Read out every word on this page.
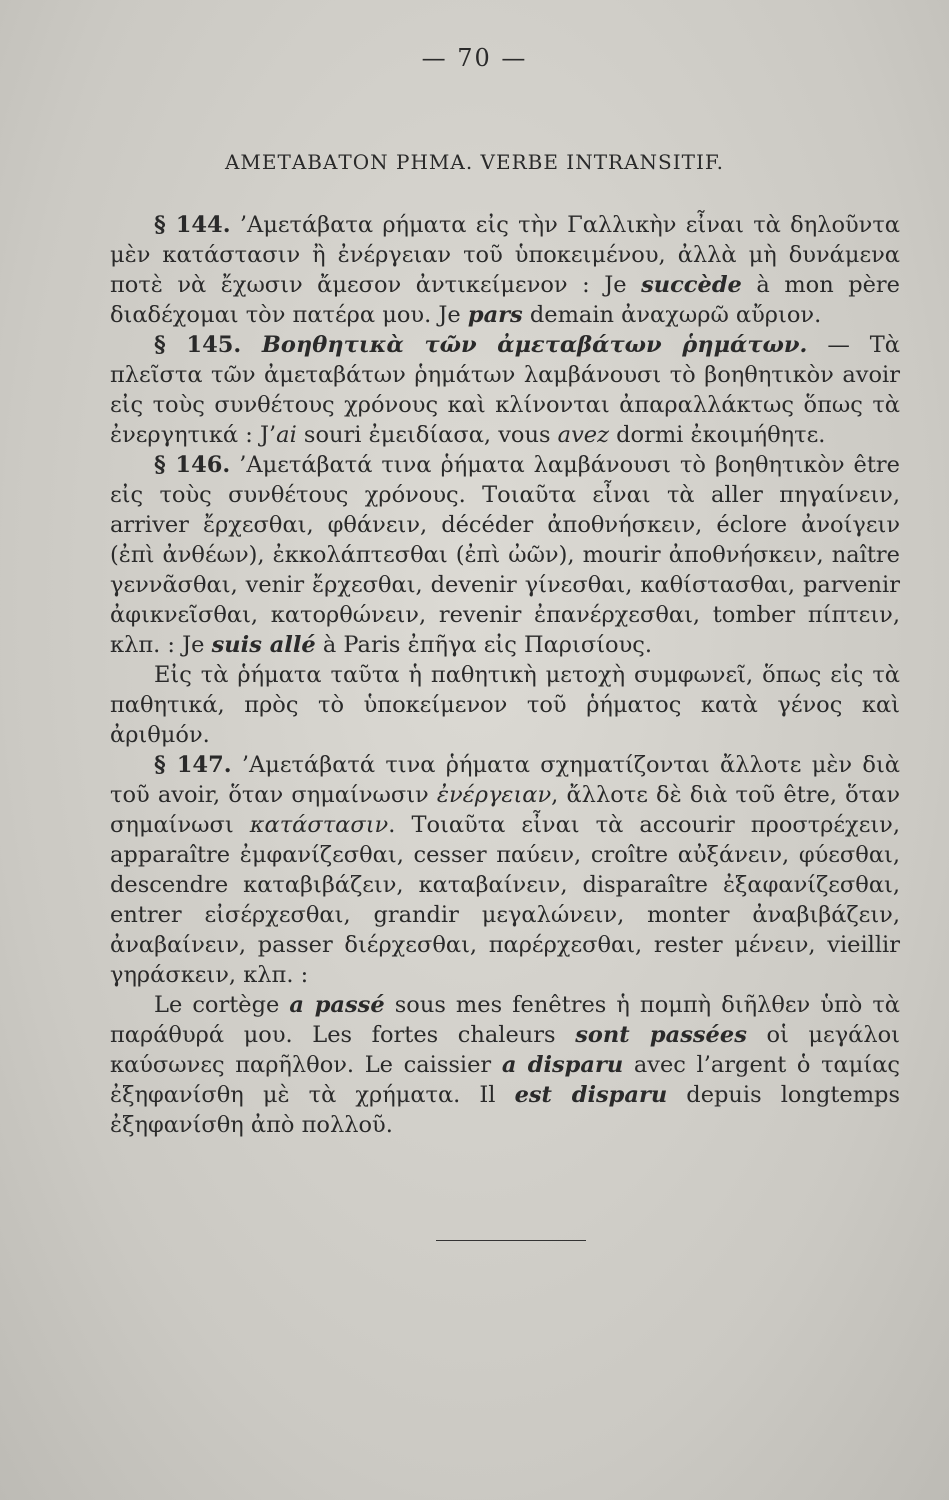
— 70 —
ΑΜΕΤΑΒΑΤΟΝ ΡΗΜΑ. VERBE INTRANSITIF.

§ 144. ’Αμετάβατα ρήματα εἰς τὴν Γαλλικὴν εἶναι τὰ δηλοῦντα μὲν κατάστασιν ἢ ἐνέργειαν τοῦ ὑποκειμένου, ἀλλὰ μὴ δυνάμενα ποτὲ νὰ ἔχωσιν ἄμεσον ἀντικείμενον : Je succède à mon père διαδέχομαι τὸν πατέρα μου. Je pars demain ἀναχωρῶ αὔριον.

§ 145. Βοηθητικὰ τῶν ἀμεταβάτων ῥημάτων. — Τὰ πλεῖστα τῶν ἀμεταβάτων ῥημάτων λαμβάνουσι τὸ βοηθητικὸν avoir εἰς τοὺς συνθέτους χρόνους καὶ κλίνονται ἀπαραλλάκτως ὅπως τὰ ἐνεργητικά : J’ai souri ἐμειδίασα, vous avez dormi ἐκοιμήθητε.

§ 146. ’Αμετάβατά τινα ῥήματα λαμβάνουσι τὸ βοηθητικὸν être εἰς τοὺς συνθέτους χρόνους. Τοιαῦτα εἶναι τὰ aller πηγαίνειν, arriver ἔρχεσθαι, φθάνειν, décéder ἀποθνήσκειν, éclore ἀνοίγειν (ἐπὶ ἀνθέων), ἐκκολάπτεσθαι (ἐπὶ ὠῶν), mourir ἀποθνήσκειν, naître γεννᾶσθαι, venir ἔρχεσθαι, devenir γίνεσθαι, καθίστασθαι, parvenir ἀφικνεῖσθαι, κατορθώνειν, revenir ἐπανέρχεσθαι, tomber πίπτειν, κλπ. : Je suis allé à Paris ἐπῆγα εἰς Παρισίους.

Εἰς τὰ ῥήματα ταῦτα ἡ παθητικὴ μετοχὴ συμφωνεῖ, ὅπως εἰς τὰ παθητικά, πρὸς τὸ ὑποκείμενον τοῦ ῥήματος κατὰ γένος καὶ ἀριθμόν.

§ 147. ’Αμετάβατά τινα ῥήματα σχηματίζονται ἄλλοτε μὲν διὰ τοῦ avoir, ὅταν σημαίνωσιν ἐνέργειαν, ἄλλοτε δὲ διὰ τοῦ être, ὅταν σημαίνωσι κατάστασιν. Τοιαῦτα εἶναι τὰ accourir προστρέχειν, apparaître ἐμφανίζεσθαι, cesser παύειν, croître αὐξάνειν, φύεσθαι, descendre καταβιβάζειν, καταβαίνειν, disparaître ἐξαφανίζεσθαι, entrer εἰσέρχεσθαι, grandir μεγαλώνειν, monter ἀναβιβάζειν, ἀναβαίνειν, passer διέρχεσθαι, παρέρχεσθαι, rester μένειν, vieillir γηράσκειν, κλπ. :

Le cortège a passé sous mes fenêtres ἡ πομπὴ διῆλθεν ὑπὸ τὰ παράθυρά μου. Les fortes chaleurs sont passées οἱ μεγάλοι καύσωνες παρῆλθον. Le caissier a disparu avec l’argent ὁ ταμίας ἐξηφανίσθη μὲ τὰ χρήματα. Il est disparu depuis longtemps ἐξηφανίσθη ἀπὸ πολλοῦ.
